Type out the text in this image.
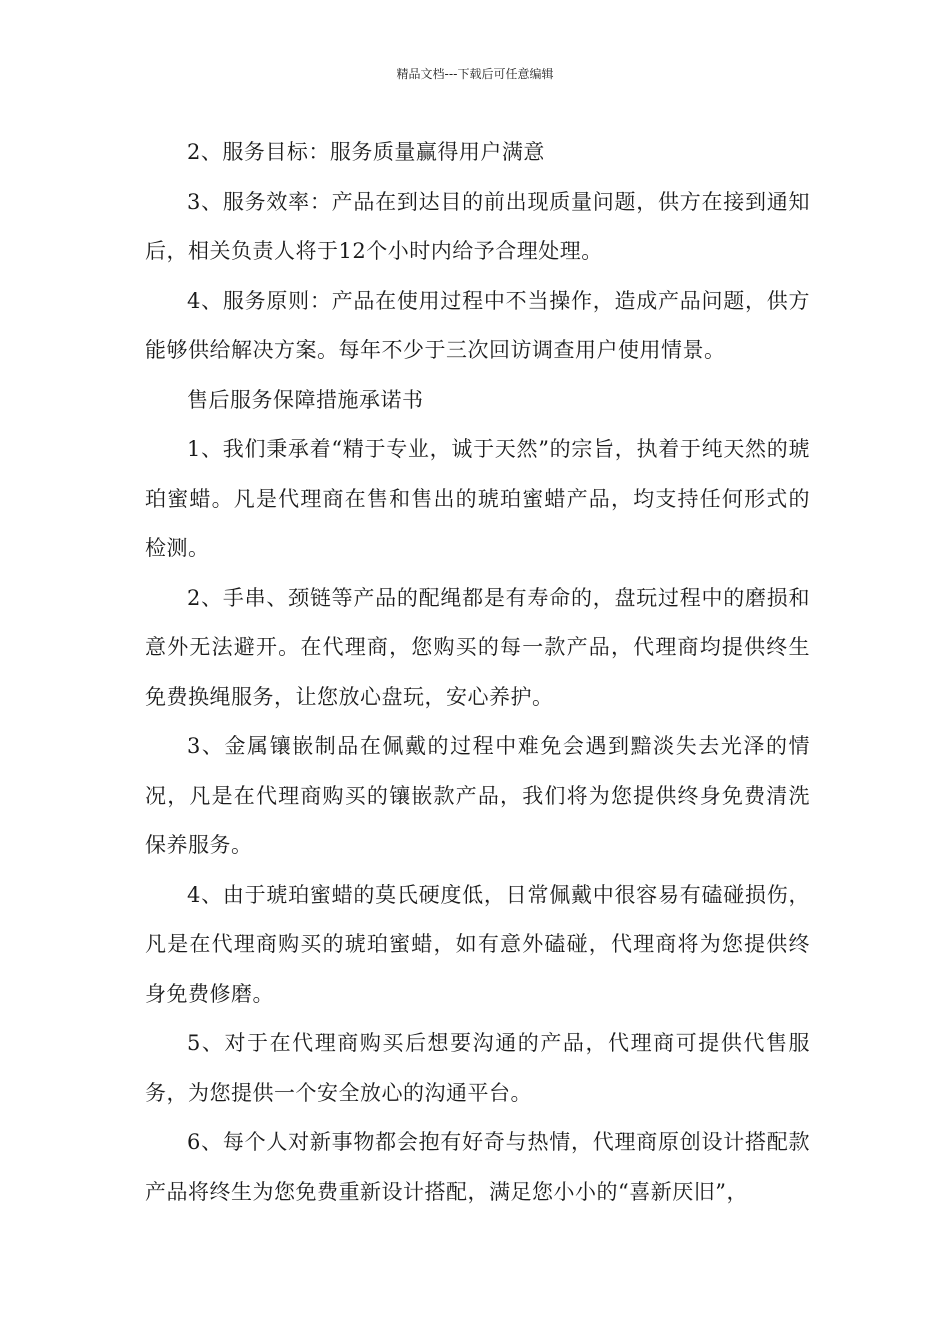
精品文档---下载后可任意编辑

2、服务目标：服务质量赢得用户满意

3、服务效率：产品在到达目的前出现质量问题，供方在接到通知后，相关负责人将于12个小时内给予合理处理。

4、服务原则：产品在使用过程中不当操作，造成产品问题，供方能够供给解决方案。每年不少于三次回访调查用户使用情景。

售后服务保障措施承诺书

1、我们秉承着“精于专业，诚于天然”的宗旨，执着于纯天然的琥珀蜜蜡。凡是代理商在售和售出的琥珀蜜蜡产品，均支持任何形式的检测。

2、手串、颈链等产品的配绳都是有寿命的，盘玩过程中的磨损和意外无法避开。在代理商，您购买的每一款产品，代理商均提供终生免费换绳服务，让您放心盘玩，安心养护。

3、金属镶嵌制品在佩戴的过程中难免会遇到黯淡失去光泽的情况，凡是在代理商购买的镶嵌款产品，我们将为您提供终身免费清洗保养服务。

4、由于琥珀蜜蜡的莫氏硬度低，日常佩戴中很容易有磕碰损伤，凡是在代理商购买的琥珀蜜蜡，如有意外磕碰，代理商将为您提供终身免费修磨。

5、对于在代理商购买后想要沟通的产品，代理商可提供代售服务，为您提供一个安全放心的沟通平台。

6、每个人对新事物都会抱有好奇与热情，代理商原创设计搭配款产品将终生为您免费重新设计搭配，满足您小小的“喜新厌旧”，
